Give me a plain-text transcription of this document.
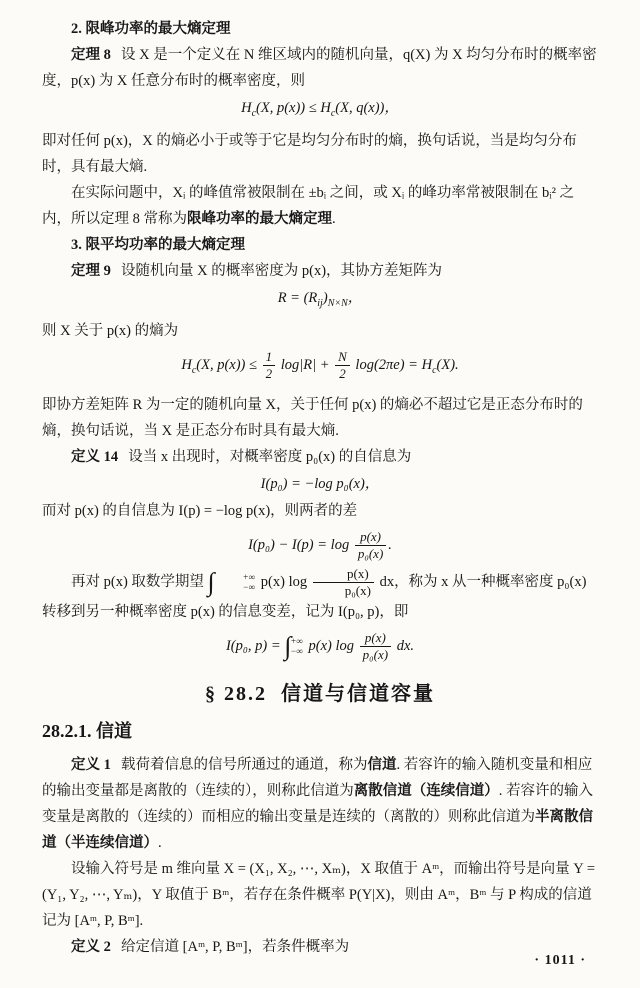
2. 限峰功率的最大熵定理

定理 8 设 X 是一个定义在 N 维区域内的随机向量，q(X) 为 X 均匀分布时的概率密度，p(x) 为 X 任意分布时的概率密度，则

$H_c(X$, $p(x)) \le H_c(X$, q(x))，

即对任何 p(x)，X 的熵必小于或等于它是均匀分布时的熵，换句话说，当是均匀分布时，具有最大熵.

在实际问题中，Xᵢ 的峰值常被限制在 ±bᵢ 之间，或 Xᵢ 的峰功率常被限制在 bᵢ² 之内，所以定理 8 常称为限峰功率的最大熵定理.

3. 限平均功率的最大熵定理

定理 9 设随机向量 X 的概率密度为 p(x)，其协方差矩阵为

$R = (R_{ij})_{N\times N}$，

则 X 关于 p(x) 的熵为

$H_c(X$, $p(x)) \le \frac{1}{2} \log|R| + \frac{N}{2} \log(2\pi e) = H_c(X)$.

即协方差矩阵 R 为一定的随机向量 X，关于任何 p(x) 的熵必不超过它是正态分布时的熵，换句话说，当 X 是正态分布时具有最大熵.

定义 14 设当 x 出现时，对概率密度 p₀(x) 的自信息为

I(p₀) = −log p₀(x)，

而对 p(x) 的自信息为 I(p) = −log p(x)，则两者的差

$I(p_0) - I(p) = \log \frac{p(x)}{\text{p₀(x)}}$ .

再对 p(x) 取数学期望 ∫	+∞
−∞ p(x) $\log \frac{p(x)}{\text{p₀(x)}}$ dx，称为 x 从一种概率密度 p₀(x) 转移到另一种概率密度 p(x) 的信息变差，记为 I(p₀, p)，即

I(p₀, p) = ∫ +∞
−∞ p(x) $\log \frac{p(x)}{\text{p₀(x)}}$ dx.
§ 28.2 信道与信道容量
28.2.1. 信道

定义 1 载荷着信息的信号所通过的通道，称为信道. 若容许的输入随机变量和相应的输出变量都是离散的（连续的），则称此信道为离散信道（连续信道）. 若容许的输入变量是离散的（连续的）而相应的输出变量是连续的（离散的）则称此信道为半离散信道（半连续信道）.

设输入符号是 m 维向量 X = (X₁, X₂, ⋯, Xₘ)，X 取值于 Aᵐ，而输出符号是向量 Y = (Y₁, Y₂, ⋯, Yₘ)，Y 取值于 Bᵐ，若存在条件概率 P(Y|X)，则由 Aᵐ，Bᵐ 与 P 构成的信道记为 [Aᵐ, P, Bᵐ].

定义 2 给定信道 [Aᵐ, P, Bᵐ]，若条件概率为

· 1011 ·
